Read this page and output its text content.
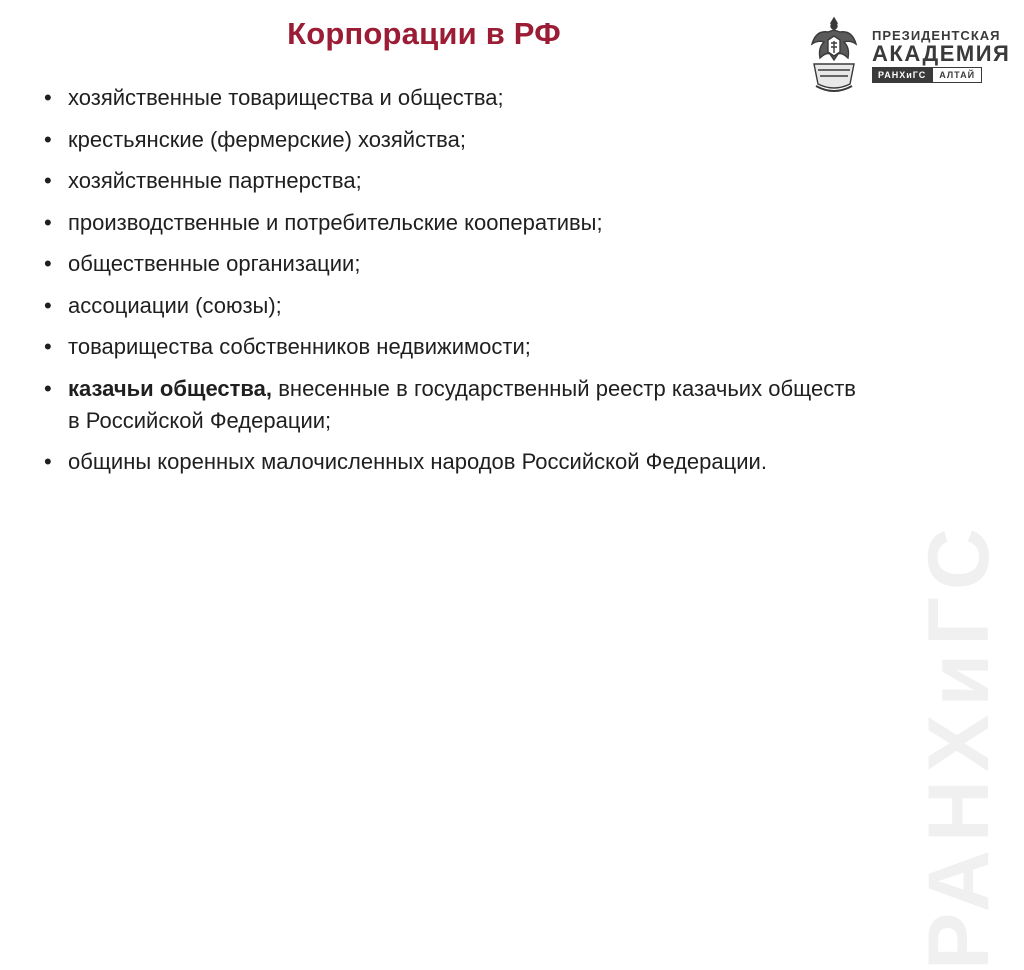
РАНХиГС
Корпорации в РФ	ПРЕЗИДЕНТСКАЯ
АКАДЕМИЯ
РАНХиГС	АЛТАЙ
• хозяйственные товарищества и общества;
• крестьянские (фермерские) хозяйства;
• хозяйственные партнерства;
• производственные и потребительские кооперативы;
• общественные организации;
• ассоциации (союзы);
• товарищества собственников недвижимости;
• казачьи общества, внесенные в государственный реестр казачьих обществ в Российской Федерации;
• общины коренных малочисленных народов Российской Федерации.
